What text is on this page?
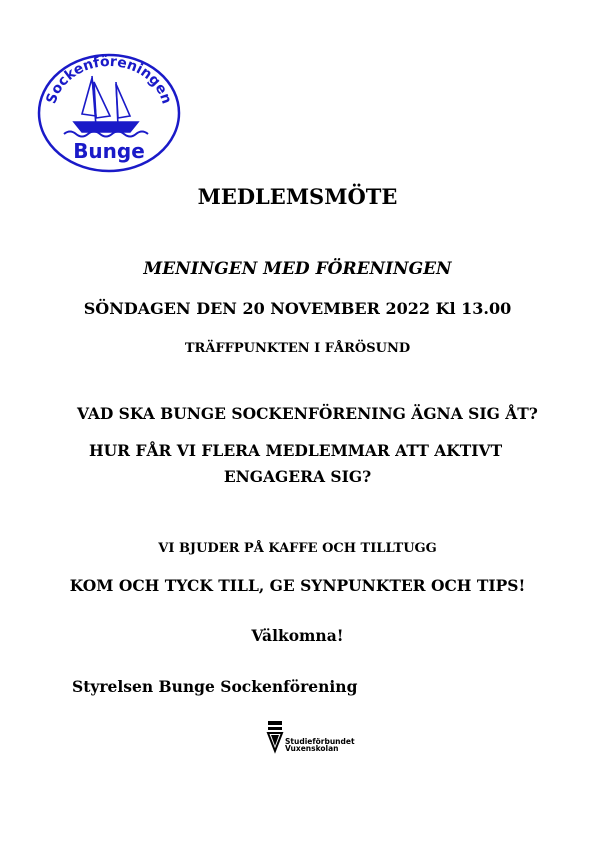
Sockenföreningen
Bunge
MEDLEMSMÖTE
MENINGEN MED FÖRENINGEN
SÖNDAGEN DEN 20 NOVEMBER 2022 Kl 13.00
TRÄFFPUNKTEN I FÅRÖSUND
VAD SKA BUNGE SOCKENFÖRENING ÄGNA SIG ÅT?
HUR FÅR VI FLERA MEDLEMMAR ATT AKTIVT
ENGAGERA SIG?
VI BJUDER PÅ KAFFE OCH TILLTUGG
KOM OCH TYCK TILL, GE SYNPUNKTER OCH TIPS!
Välkomna!
Styrelsen Bunge Sockenförening
Studieförbundet
Vuxenskolan
